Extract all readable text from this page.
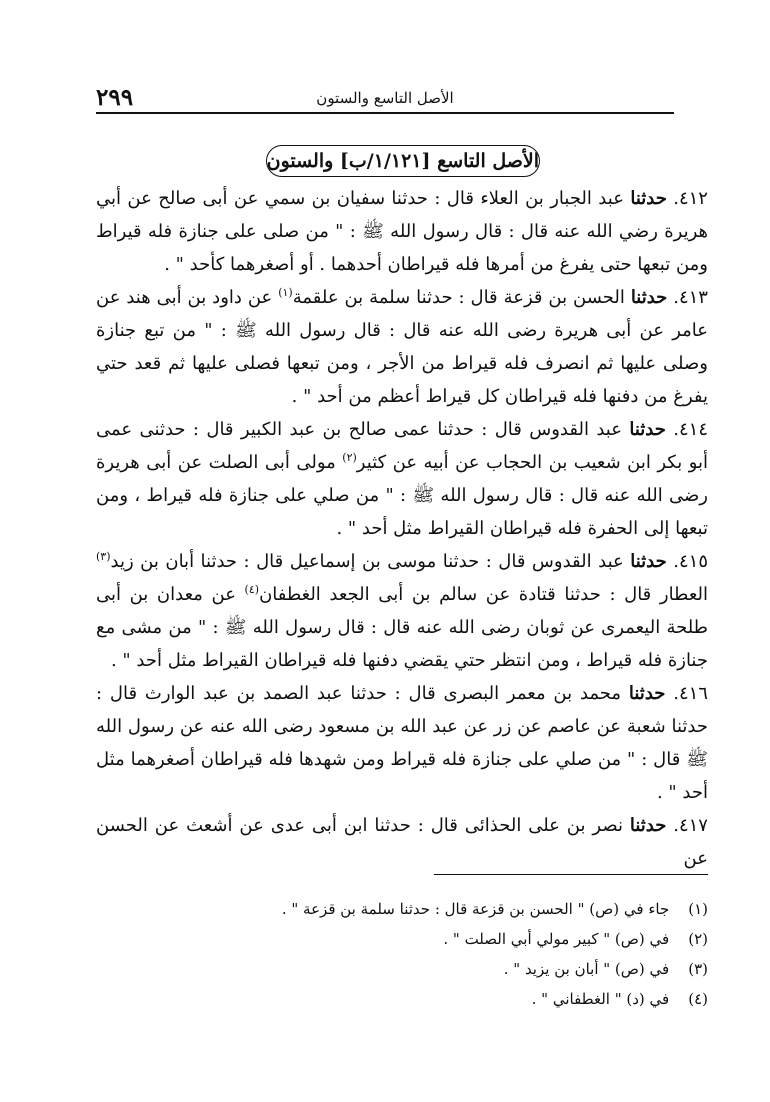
٢٩٩	الأصل التاسع والستون
الأصل التاسع [١/١٢١/ب] والستون

٤١٢. حدثنا عبد الجبار بن العلاء قال : حدثنا سفيان بن سمي عن أبى صالح عن أبي هريرة رضي الله عنه قال : قال رسول الله ﷺ : " من صلى على جنازة فله قيراط ومن تبعها حتى يفرغ من أمرها فله قيراطان أحدهما . أو أصغرهما كأحد " .

٤١٣. حدثنا الحسن بن قزعة قال : حدثنا سلمة بن علقمة$^{(١)}$ عن داود بن أبى هند عن عامر عن أبى هريرة رضى الله عنه قال : قال رسول الله ﷺ : " من تبع جنازة وصلى عليها ثم انصرف فله قيراط من الأجر ، ومن تبعها فصلى عليها ثم قعد حتي يفرغ من دفنها فله قيراطان كل قيراط أعظم من أحد " .

٤١٤. حدثنا عبد القدوس قال : حدثنا عمى صالح بن عبد الكبير قال : حدثنى عمى أبو بكر ابن شعيب بن الحجاب عن أبيه عن كثير$^{(٢)}$ مولى أبى الصلت عن أبى هريرة رضى الله عنه قال : قال رسول الله ﷺ : " من صلي على جنازة فله قيراط ، ومن تبعها إلى الحفرة فله قيراطان القيراط مثل أحد " .

٤١٥. حدثنا عبد القدوس قال : حدثنا موسى بن إسماعيل قال : حدثنا أبان بن زيد$^{(٣)}$ العطار قال : حدثنا قتادة عن سالم بن أبى الجعد الغطفان$^{(٤)}$ عن معدان بن أبى طلحة اليعمرى عن ثوبان رضى الله عنه قال : قال رسول الله ﷺ : " من مشى مع جنازة فله قيراط ، ومن انتظر حتي يقضي دفنها فله قيراطان القيراط مثل أحد " .

٤١٦. حدثنا محمد بن معمر البصرى قال : حدثنا عبد الصمد بن عبد الوارث قال : حدثنا شعبة عن عاصم عن زر عن عبد الله بن مسعود رضى الله عنه عن رسول الله ﷺ قال : " من صلي على جنازة فله قيراط ومن شهدها فله قيراطان أصغرهما مثل أحد " .

٤١٧. حدثنا نصر بن على الحذائى قال : حدثنا ابن أبى عدى عن أشعث عن الحسن عن

(١) جاء في (ص) " الحسن بن قزعة قال : حدثنا سلمة بن قزعة " .

(٢) في (ص) " كبير مولي أبي الصلت " .

(٣) في (ص) " أبان بن يزيد " .

(٤) في (د) " الغطفاني " .
